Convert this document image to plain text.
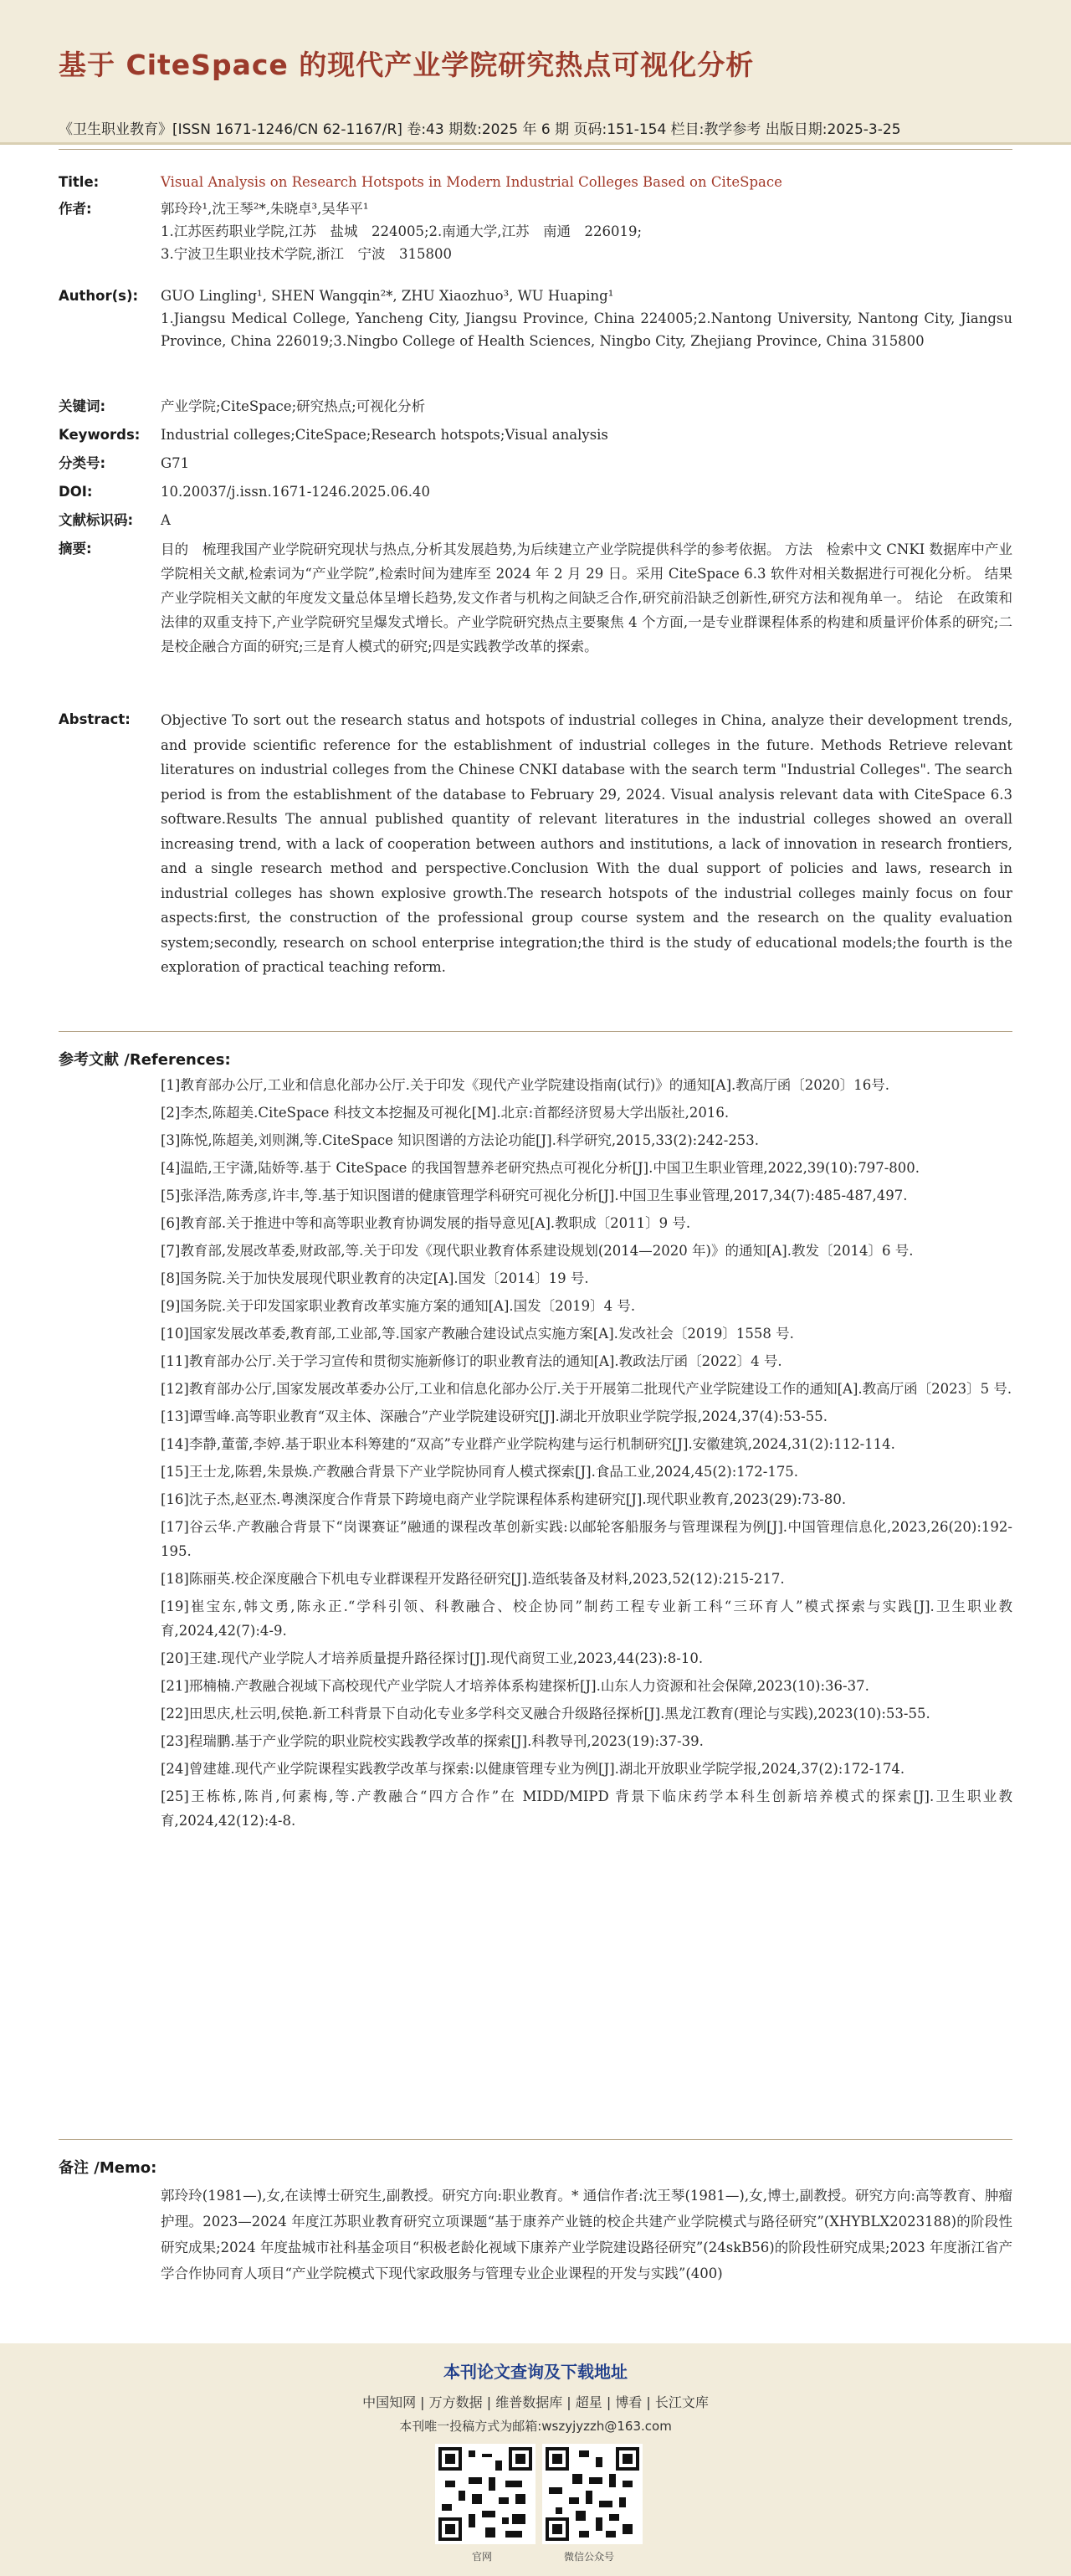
基于 CiteSpace 的现代产业学院研究热点可视化分析
《卫生职业教育》[ISSN 1671-1246/CN 62-1167/R] 卷:43 期数:2025 年 6 期 页码:151-154 栏目:教学参考 出版日期:2025-3-25
Title:	Visual Analysis on Research Hotspots in Modern Industrial Colleges Based on CiteSpace
作者:	郭玲玲¹,沈王琴²*,朱晓卓³,吴华平¹
1.江苏医药职业学院,江苏　盐城　224005;2.南通大学,江苏　南通　226019;
3.宁波卫生职业技术学院,浙江　宁波　315800
Author(s):	GUO Lingling¹, SHEN Wangqin²*, ZHU Xiaozhuo³, WU Huaping¹
1.Jiangsu Medical College, Yancheng City, Jiangsu Province, China 224005;2.Nantong University, Nantong City, Jiangsu Province, China 226019;3.Ningbo College of Health Sciences, Ningbo City, Zhejiang Province, China 315800
关键词:	产业学院;CiteSpace;研究热点;可视化分析
Keywords:	Industrial colleges;CiteSpace;Research hotspots;Visual analysis
分类号:	G71
DOI:	10.20037/j.issn.1671-1246.2025.06.40
文献标识码:	A
摘要:	目的　梳理我国产业学院研究现状与热点,分析其发展趋势,为后续建立产业学院提供科学的参考依据。 方法　检索中文 CNKI 数据库中产业学院相关文献,检索词为“产业学院”,检索时间为建库至 2024 年 2 月 29 日。采用 CiteSpace 6.3 软件对相关数据进行可视化分析。 结果　产业学院相关文献的年度发文量总体呈增长趋势,发文作者与机构之间缺乏合作,研究前沿缺乏创新性,研究方法和视角单一。 结论　在政策和法律的双重支持下,产业学院研究呈爆发式增长。产业学院研究热点主要聚焦 4 个方面,一是专业群课程体系的构建和质量评价体系的研究;二是校企融合方面的研究;三是育人模式的研究;四是实践教学改革的探索。
Abstract:	Objective To sort out the research status and hotspots of industrial colleges in China, analyze their development trends, and provide scientific reference for the establishment of industrial colleges in the future. Methods Retrieve relevant literatures on industrial colleges from the Chinese CNKI database with the search term "Industrial Colleges". The search period is from the establishment of the database to February 29, 2024. Visual analysis relevant data with CiteSpace 6.3 software.Results The annual published quantity of relevant literatures in the industrial colleges showed an overall increasing trend, with a lack of cooperation between authors and institutions, a lack of innovation in research frontiers, and a single research method and perspective.Conclusion With the dual support of policies and laws, research in industrial colleges has shown explosive growth.The research hotspots of the industrial colleges mainly focus on four aspects:first, the construction of the professional group course system and the research on the quality evaluation system;secondly, research on school enterprise integration;the third is the study of educational models;the fourth is the exploration of practical teaching reform.
参考文献 /References:
[1]教育部办公厅,工业和信息化部办公厅.关于印发《现代产业学院建设指南(试行)》的通知[A].教高厅函〔2020〕16号.
[2]李杰,陈超美.CiteSpace 科技文本挖掘及可视化[M].北京:首都经济贸易大学出版社,2016.
[3]陈悦,陈超美,刘则渊,等.CiteSpace 知识图谱的方法论功能[J].科学研究,2015,33(2):242-253.
[4]温皓,王宇潇,陆娇等.基于 CiteSpace 的我国智慧养老研究热点可视化分析[J].中国卫生职业管理,2022,39(10):797-800.
[5]张泽浩,陈秀彦,许丰,等.基于知识图谱的健康管理学科研究可视化分析[J].中国卫生事业管理,2017,34(7):485-487,497.
[6]教育部.关于推进中等和高等职业教育协调发展的指导意见[A].教职成〔2011〕9 号.
[7]教育部,发展改革委,财政部,等.关于印发《现代职业教育体系建设规划(2014—2020 年)》的通知[A].教发〔2014〕6 号.
[8]国务院.关于加快发展现代职业教育的决定[A].国发〔2014〕19 号.
[9]国务院.关于印发国家职业教育改革实施方案的通知[A].国发〔2019〕4 号.
[10]国家发展改革委,教育部,工业部,等.国家产教融合建设试点实施方案[A].发改社会〔2019〕1558 号.
[11]教育部办公厅.关于学习宣传和贯彻实施新修订的职业教育法的通知[A].教政法厅函〔2022〕4 号.
[12]教育部办公厅,国家发展改革委办公厅,工业和信息化部办公厅.关于开展第二批现代产业学院建设工作的通知[A].教高厅函〔2023〕5 号.
[13]谭雪峰.高等职业教育“双主体、深融合”产业学院建设研究[J].湖北开放职业学院学报,2024,37(4):53-55.
[14]李静,董蕾,李婷.基于职业本科筹建的“双高”专业群产业学院构建与运行机制研究[J].安徽建筑,2024,31(2):112-114.
[15]王士龙,陈碧,朱景焕.产教融合背景下产业学院协同育人模式探索[J].食品工业,2024,45(2):172-175.
[16]沈子杰,赵亚杰.粤澳深度合作背景下跨境电商产业学院课程体系构建研究[J].现代职业教育,2023(29):73-80.
[17]谷云华.产教融合背景下“岗课赛证”融通的课程改革创新实践:以邮轮客船服务与管理课程为例[J].中国管理信息化,2023,26(20):192-195.
[18]陈丽英.校企深度融合下机电专业群课程开发路径研究[J].造纸装备及材料,2023,52(12):215-217.
[19]崔宝东,韩文勇,陈永正.“学科引领、科教融合、校企协同”制药工程专业新工科“三环育人”模式探索与实践[J].卫生职业教育,2024,42(7):4-9.
[20]王建.现代产业学院人才培养质量提升路径探讨[J].现代商贸工业,2023,44(23):8-10.
[21]邢楠楠.产教融合视域下高校现代产业学院人才培养体系构建探析[J].山东人力资源和社会保障,2023(10):36-37.
[22]田思庆,杜云明,侯艳.新工科背景下自动化专业多学科交叉融合升级路径探析[J].黑龙江教育(理论与实践),2023(10):53-55.
[23]程瑞鹏.基于产业学院的职业院校实践教学改革的探索[J].科教导刊,2023(19):37-39.
[24]曾建雄.现代产业学院课程实践教学改革与探索:以健康管理专业为例[J].湖北开放职业学院学报,2024,37(2):172-174.
[25]王栋栋,陈肖,何素梅,等.产教融合“四方合作”在 MIDD/MIPD 背景下临床药学本科生创新培养模式的探索[J].卫生职业教育,2024,42(12):4-8.
备注 /Memo:
郭玲玲(1981—),女,在读博士研究生,副教授。研究方向:职业教育。* 通信作者:沈王琴(1981—),女,博士,副教授。研究方向:高等教育、肿瘤护理。2023—2024 年度江苏职业教育研究立项课题“基于康养产业链的校企共建产业学院模式与路径研究”(XHYBLX2023188)的阶段性研究成果;2024 年度盐城市社科基金项目“积极老龄化视域下康养产业学院建设路径研究”(24skB56)的阶段性研究成果;2023 年度浙江省产学合作协同育人项目“产业学院模式下现代家政服务与管理专业企业课程的开发与实践”(400)
本刊论文查询及下载地址
中国知网 | 万方数据 | 维普数据库 | 超星 | 博看 | 长江文库
本刊唯一投稿方式为邮箱:wszyjyzzh@163.com
官网	微信公众号
